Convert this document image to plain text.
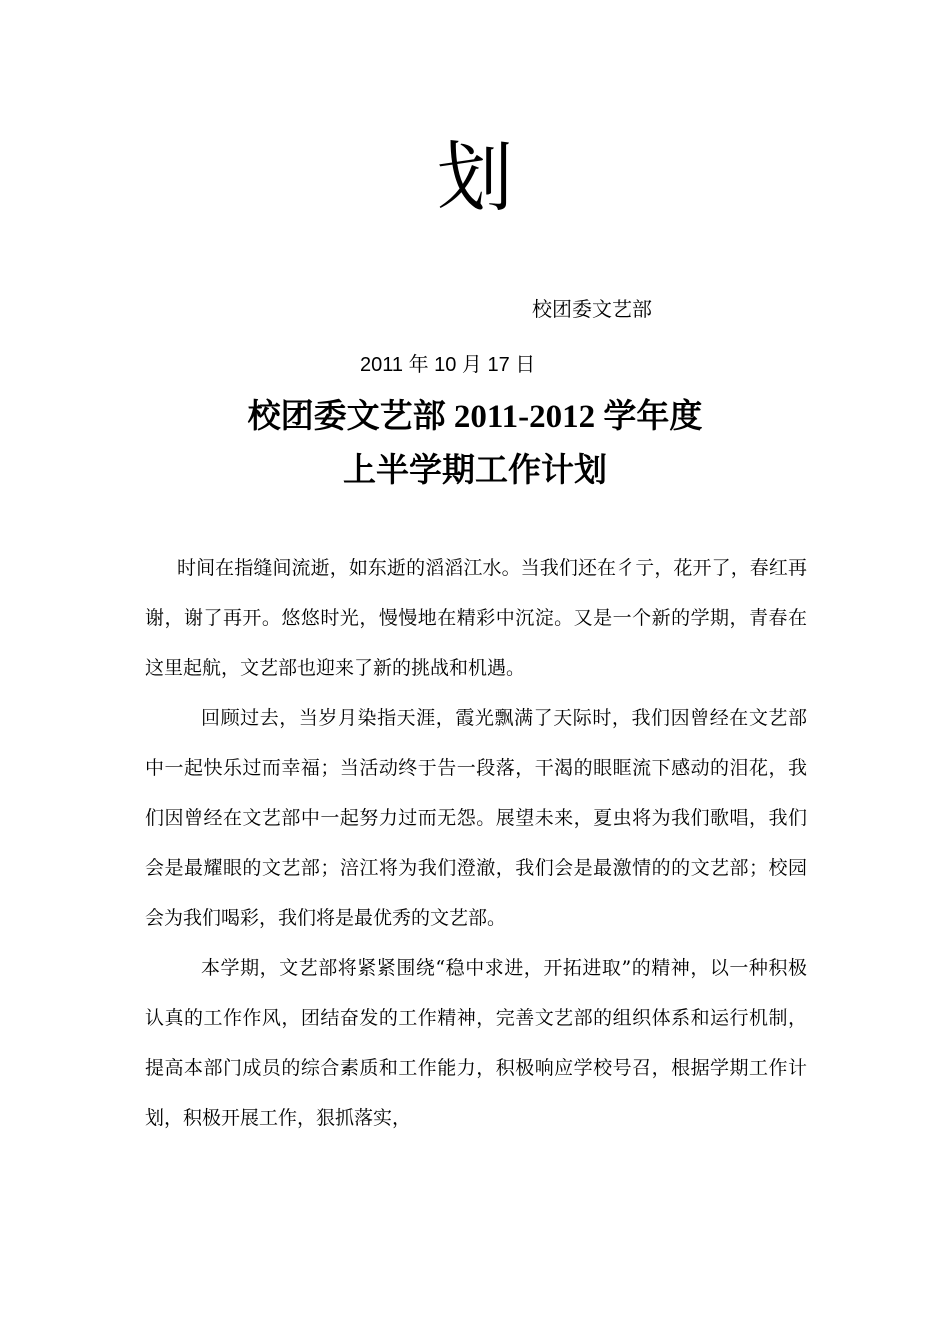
划
校团委文艺部
2011 年 10 月 17 日
校团委文艺部 2011-2012 学年度
上半学期工作计划

时间在指缝间流逝，如东逝的滔滔江水。当我们还在彳亍，花开了，春红再谢，谢了再开。悠悠时光，慢慢地在精彩中沉淀。又是一个新的学期，青春在这里起航，文艺部也迎来了新的挑战和机遇。

回顾过去，当岁月染指天涯，霞光飘满了天际时，我们因曾经在文艺部中一起快乐过而幸福；当活动终于告一段落，干渴的眼眶流下感动的泪花，我们因曾经在文艺部中一起努力过而无怨。展望未来，夏虫将为我们歌唱，我们会是最耀眼的文艺部；涪江将为我们澄澈，我们会是最激情的的文艺部；校园会为我们喝彩，我们将是最优秀的文艺部。

本学期，文艺部将紧紧围绕“稳中求进，开拓进取”的精神，以一种积极认真的工作作风，团结奋发的工作精神，完善文艺部的组织体系和运行机制，提高本部门成员的综合素质和工作能力，积极响应学校号召，根据学期工作计划，积极开展工作，狠抓落实，
